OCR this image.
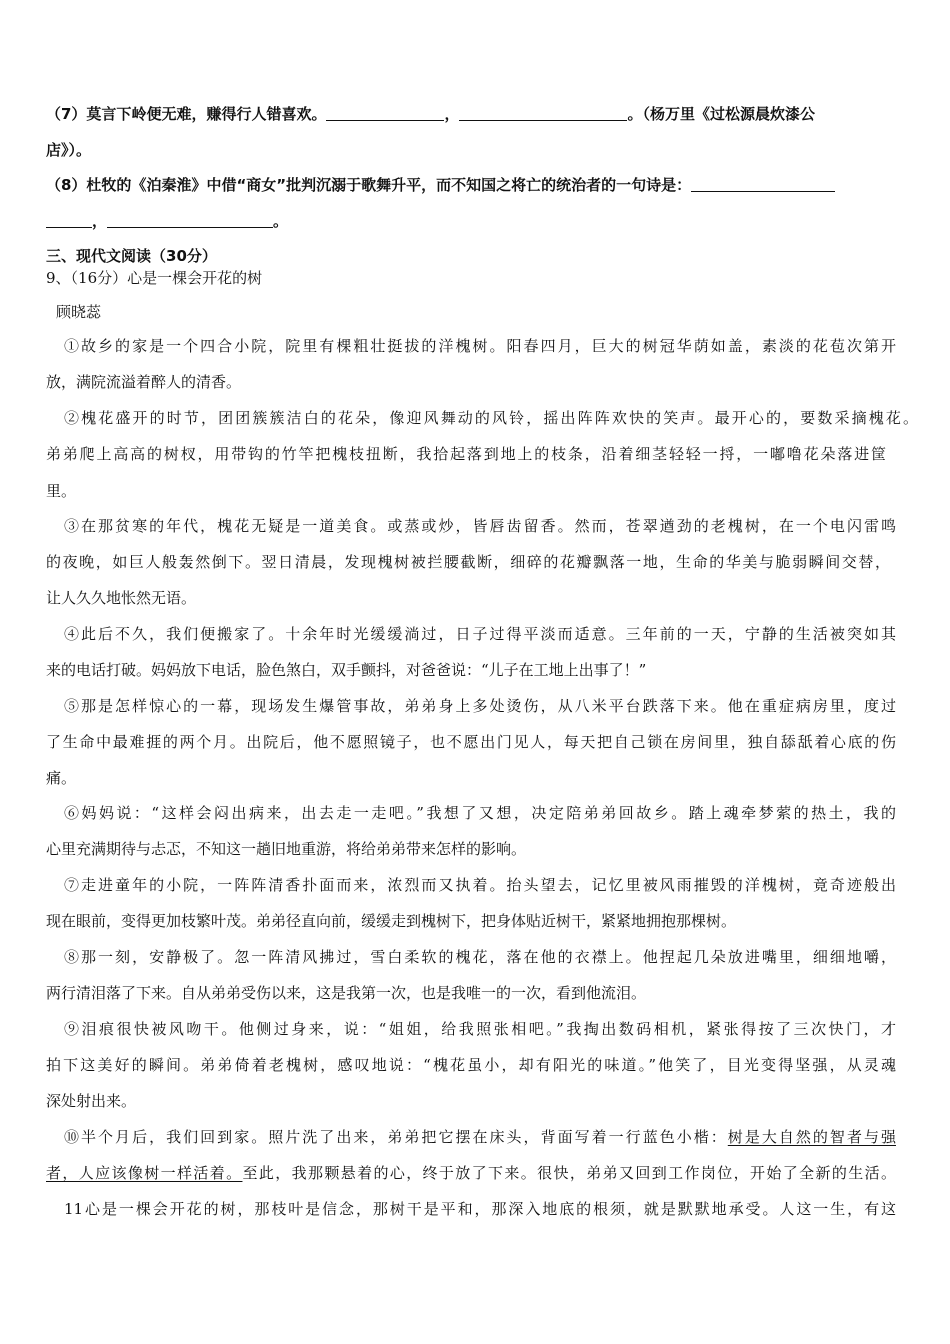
（7）莫言下岭便无难，赚得行人错喜欢。	，	。（杨万里《过松源晨炊漆公
店》）。
（8）杜牧的《泊秦淮》中借“商女”批判沉溺于歌舞升平，而不知国之将亡的统治者的一句诗是：
，	。
三、现代文阅读（30分）
9、（16分）心是一棵会开花的树
顾晓蕊
①故乡的家是一个四合小院，院里有棵粗壮挺拔的洋槐树。阳春四月，巨大的树冠华荫如盖，素淡的花苞次第开
放，满院流溢着醉人的清香。
②槐花盛开的时节，团团簇簇洁白的花朵，像迎风舞动的风铃，摇出阵阵欢快的笑声。最开心的，要数采摘槐花。
弟弟爬上高高的树杈，用带钩的竹竿把槐枝扭断，我拾起落到地上的枝条，沿着细茎轻轻一捋，一嘟噜花朵落进筐
里。
③在那贫寒的年代，槐花无疑是一道美食。或蒸或炒，皆唇齿留香。然而，苍翠遒劲的老槐树，在一个电闪雷鸣
的夜晚，如巨人般轰然倒下。翌日清晨，发现槐树被拦腰截断，细碎的花瓣飘落一地，生命的华美与脆弱瞬间交替，
让人久久地怅然无语。
④此后不久，我们便搬家了。十余年时光缓缓淌过，日子过得平淡而适意。三年前的一天，宁静的生活被突如其
来的电话打破。妈妈放下电话，脸色煞白，双手颤抖，对爸爸说：“儿子在工地上出事了！”
⑤那是怎样惊心的一幕，现场发生爆管事故，弟弟身上多处烫伤，从八米平台跌落下来。他在重症病房里，度过
了生命中最难捱的两个月。出院后，他不愿照镜子，也不愿出门见人，每天把自己锁在房间里，独自舔舐着心底的伤
痛。
⑥妈妈说：“这样会闷出病来，出去走一走吧。”我想了又想，决定陪弟弟回故乡。踏上魂牵梦萦的热土，我的
心里充满期待与忐忑，不知这一趟旧地重游，将给弟弟带来怎样的影响。
⑦走进童年的小院，一阵阵清香扑面而来，浓烈而又执着。抬头望去，记忆里被风雨摧毁的洋槐树，竟奇迹般出
现在眼前，变得更加枝繁叶茂。弟弟径直向前，缓缓走到槐树下，把身体贴近树干，紧紧地拥抱那棵树。
⑧那一刻，安静极了。忽一阵清风拂过，雪白柔软的槐花，落在他的衣襟上。他捏起几朵放进嘴里，细细地嚼，
两行清泪落了下来。自从弟弟受伤以来，这是我第一次，也是我唯一的一次，看到他流泪。
⑨泪痕很快被风吻干。他侧过身来，说：“姐姐，给我照张相吧。”我掏出数码相机，紧张得按了三次快门，才
拍下这美好的瞬间。弟弟倚着老槐树，感叹地说：“槐花虽小，却有阳光的味道。”他笑了，目光变得坚强，从灵魂
深处射出来。
⑩半个月后，我们回到家。照片洗了出来，弟弟把它摆在床头，背面写着一行蓝色小楷：树是大自然的智者与强
者，人应该像树一样活着。至此，我那颗悬着的心，终于放了下来。很快，弟弟又回到工作岗位，开始了全新的生活。
11心是一棵会开花的树，那枝叶是信念，那树干是平和，那深入地底的根须，就是默默地承受。人这一生，有这
